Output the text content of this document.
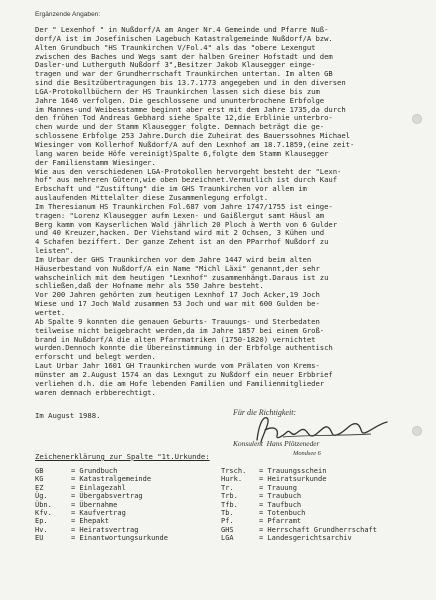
Ergänzende Angaben:
Der " Lexenhof " in Nußdorf/A am Anger Nr.4 Gemeinde und Pfarre Nuß-
dorf/A ist im Josefinischen Lagebuch Katastralgemeinde Nußdorf/A bzw.
Alten Grundbuch "HS Traunkirchen V/Fol.4" als das "obere Lexengut
zwischen des Baches und Wegs samt der halben Greiner Hofstadt und dem
Dasler-und Lutherguth Nußdorf 3",Besitzer Jakob Klausegger einge-
tragen und war der Grundherrschaft Traunkirchen untertan. Im alten GB
sind die Besitzübertragungen bis 13.7.1773 angegeben und in den diversen
LGA-Protokollbüchern der HS Traunkirchen lassen sich diese bis zum
Jahre 1646 verfolgen. Die geschlossene und ununterbrochene Erbfolge
im Mannes-und Weibesstamme beginnt aber erst mit dem Jahre 1735,da durch
den frühen Tod Andreas Gebhard siehe Spalte 12,die Erblinie unterbro-
chen wurde und der Stamm Klausegger folgte. Demnach beträgt die ge-
schlossene Erbfolge 253 Jahre.Durch die Zuheirat des Bauerssohnes Michael
Wiesinger vom Kollerhof Nußdorf/A auf den Lexnhof am 18.7.1859,(eine zeit-
lang waren beide Höfe vereinigt)Spalte 6,folgte dem Stamm Klausegger
der Familienstamm Wiesinger.
Wie aus den verschiedenen LGA-Protokollen hervorgeht besteht der "Lexn-
hof" aus mehreren Gütern,wie oben bezeichnet.Vermutlich ist durch Kauf
Erbschaft und "Zustiftung" die im GHS Traunkirchen vor allem im
auslaufenden Mittelalter diese Zusammenlegung erfolgt.
Im Theresianum HS Traunkirchen Fol.687 vom Jahre 1747/1755 ist einge-
tragen: "Lorenz Klausegger aufm Lexen- und Gaißlergut samt Häusl am
Berg kamm vom Kayserlichen Wald jährlich 20 Ploch à Werth von 6 Gulder
und 40 Kreuzer,hacken. Der Viehstand wird mit 2 Ochsen, 3 Kühen und
4 Schafen beziffert. Der ganze Zehent ist an den PParrhof Nußdorf zu
leisten".
Im Urbar der GHS Traunkirchen vor dem Jahre 1447 wird beim alten
Häuserbestand von Nußdorf/A ein Name "Michl Läxi" genannt,der sehr
wahscheinlich mit dem heutigen "Lexnhof" zusammenhängt.Daraus ist zu
schließen,daß der Hofname mehr als 550 Jahre besteht.
Vor 200 Jahren gehörten zum heutigen Lexnhof 17 Joch Acker,19 Joch
Wiese und 17 Joch Wald zusammen 53 Joch und war mit 600 Gulden be-
wertet.
Ab Spalte 9 konnten die genauen Geburts- Trauungs- und Sterbedaten
teilweise nicht beigebracht werden,da im Jahre 1857 bei einem Groß-
brand in Nußdorf/A die alten Pfarrmatriken (1750-1820) vernichtet
wurden.Dennoch konnte die Übereinstimmung in der Erbfolge authentisch
erforscht und belegt werden.
Laut Urbar Jahr 1601 GH Traunkirchen wurde vom Prälaten von Krems-
münster am 2.August 1574 an das Lexngut zu Nußdorf ein neuer Erbbrief
verliehen d.h. die am Hofe lebenden Familien und Familienmitglieder
waren demnach erbberechtigt.
Im August 1988.	Für die Richtigkeit:
Konsulent  Hans Plötzeneder
Mondsee 6
Zeichenerklärung zur Spalte "1t.Urkunde:
GB	= Grundbuch	Trsch.	= Trauungsschein
KG	= Katastralgemeinde	Hurk.	= Heiratsurkunde
EZ	= Einlagezahl	Tr.	= Trauung
Üg.	= Übergabsvertrag	Trb.	= Traubuch
Übn.	= Übernahme	Tfb.	= Taufbuch
Kfv.	= Kaufvertrag	Tb.	= Totenbuch
Ep.	= Ehepakt	Pf.	= Pfarramt
Hv.	= Heiratsvertrag	GHS	= Herrschaft Grundherrschaft
EU	= Einantwortungsurkunde	LGA	= Landesgerichtsarchiv
